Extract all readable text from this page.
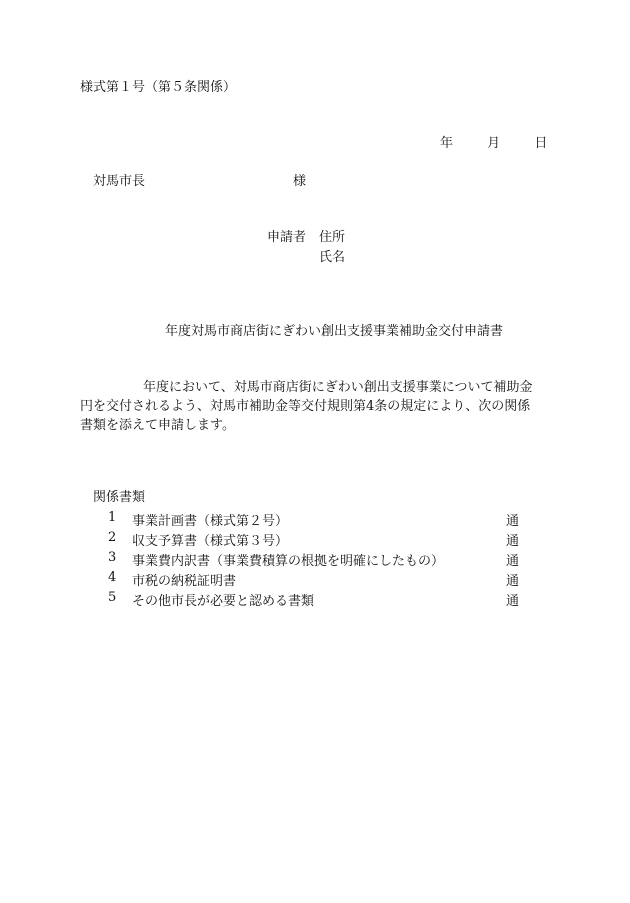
様式第１号（第５条関係）
年	月	日
対馬市長	様
申請者 住所
氏名
年度対馬市商店街にぎわい創出支援事業補助金交付申請書
年度において、対馬市商店街にぎわい創出支援事業について補助金
円を交付されるよう、対馬市補助金等交付規則第4条の規定により、次の関係
書類を添えて申請します。
関係書類
1 事業計画書（様式第２号）	通
2 収支予算書（様式第３号）	通
3 事業費内訳書（事業費積算の根拠を明確にしたもの）	通
4 市税の納税証明書	通
5 その他市長が必要と認める書類	通
